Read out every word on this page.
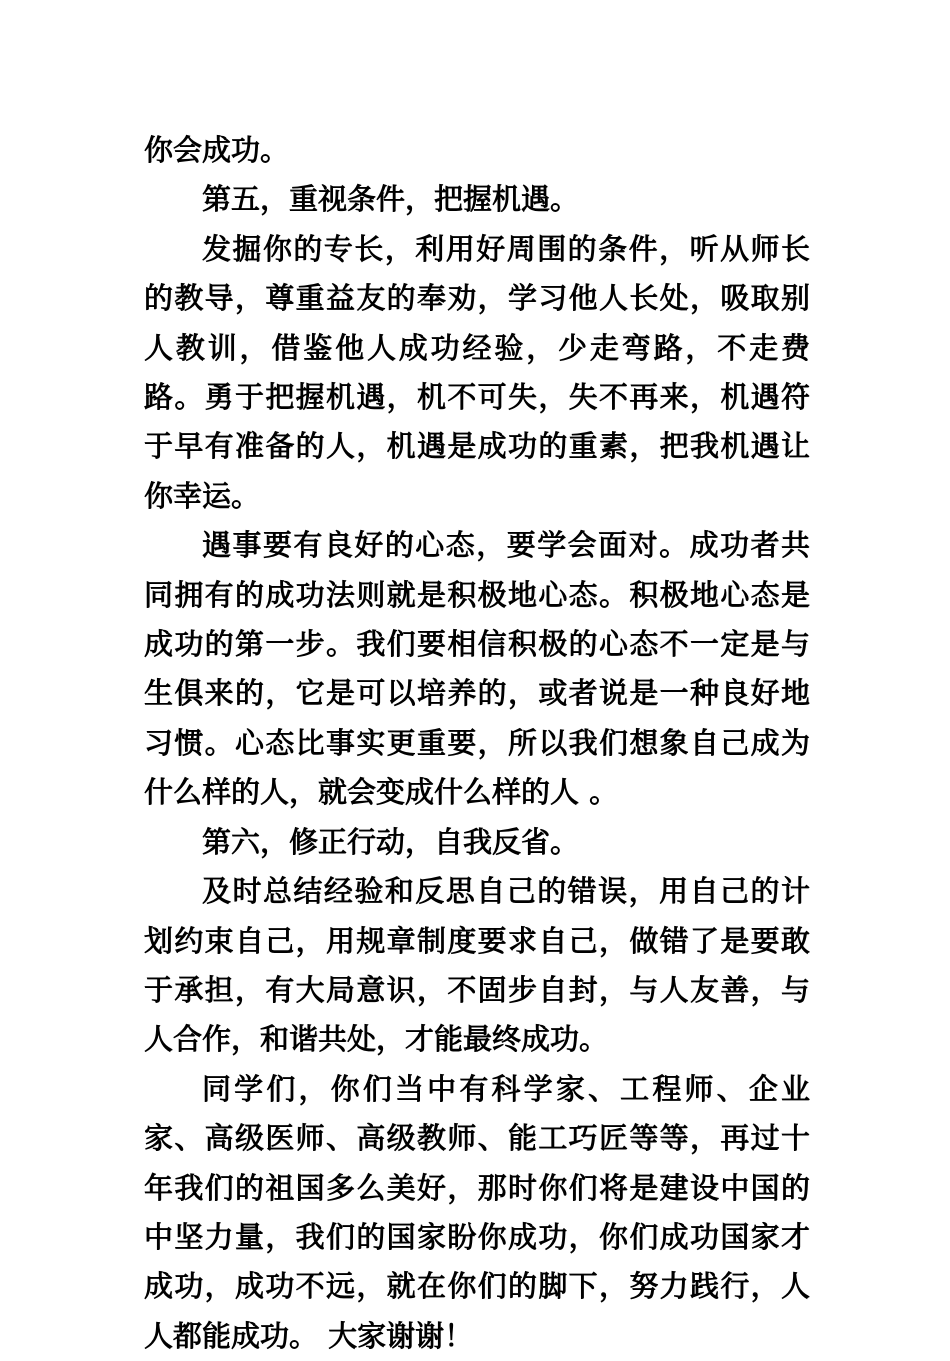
你会成功。

第五，重视条件，把握机遇。

发掘你的专长，利用好周围的条件，听从师长的教导，尊重益友的奉劝，学习他人长处，吸取别人教训，借鉴他人成功经验，少走弯路，不走费路。勇于把握机遇，机不可失，失不再来，机遇符于早有准备的人，机遇是成功的重素，把我机遇让你幸运。

遇事要有良好的心态，要学会面对。成功者共同拥有的成功法则就是积极地心态。积极地心态是成功的第一步。我们要相信积极的心态不一定是与生俱来的，它是可以培养的，或者说是一种良好地习惯。心态比事实更重要，所以我们想象自己成为什么样的人，就会变成什么样的人 。

第六，修正行动，自我反省。

及时总结经验和反思自己的错误，用自己的计划约束自己，用规章制度要求自己，做错了是要敢于承担，有大局意识，不固步自封，与人友善，与人合作，和谐共处，才能最终成功。

同学们，你们当中有科学家、工程师、企业家、高级医师、高级教师、能工巧匠等等，再过十年我们的祖国多么美好，那时你们将是建设中国的中坚力量，我们的国家盼你成功，你们成功国家才成功，成功不远，就在你们的脚下，努力践行，人人都能成功。 大家谢谢！
